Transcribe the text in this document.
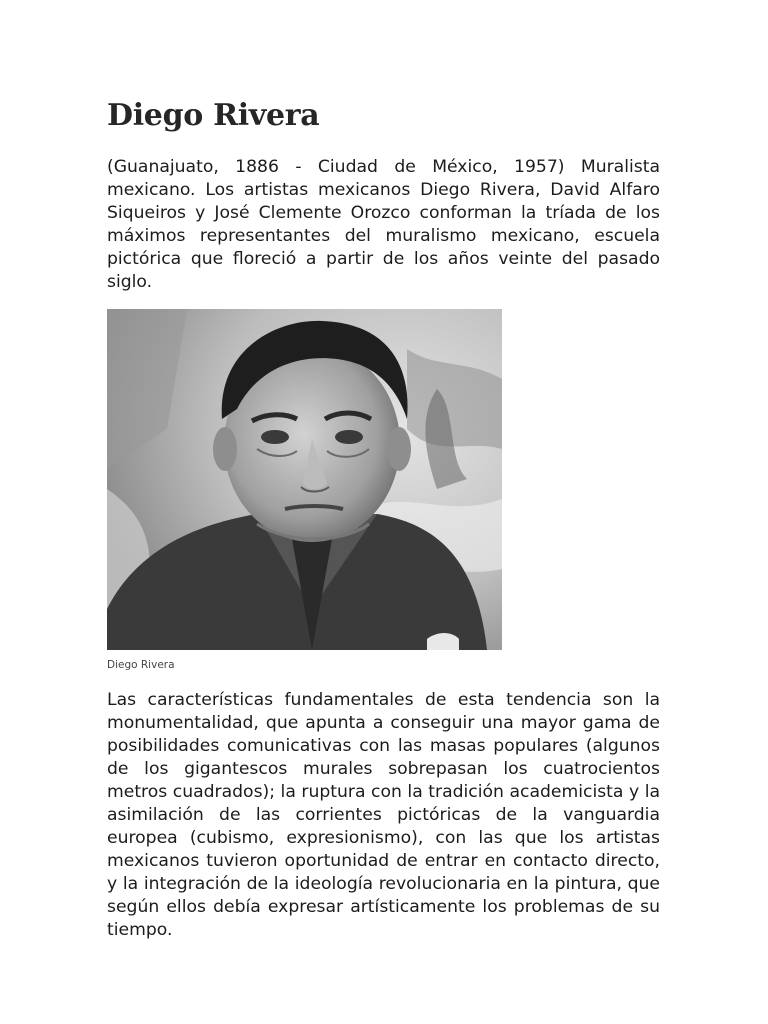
Diego Rivera

(Guanajuato, 1886 - Ciudad de México, 1957) Muralista mexicano. Los artistas mexicanos Diego Rivera, David Alfaro Siqueiros y José Clemente Orozco conforman la tríada de los máximos representantes del muralismo mexicano, escuela pictórica que floreció a partir de los años veinte del pasado siglo.

Diego Rivera

Las características fundamentales de esta tendencia son la monumentalidad, que apunta a conseguir una mayor gama de posibilidades comunicativas con las masas populares (algunos de los gigantescos murales sobrepasan los cuatrocientos metros cuadrados); la ruptura con la tradición academicista y la asimilación de las corrientes pictóricas de la vanguardia europea (cubismo, expresionismo), con las que los artistas mexicanos tuvieron oportunidad de entrar en contacto directo, y la integración de la ideología revolucionaria en la pintura, que según ellos debía expresar artísticamente los problemas de su tiempo.
